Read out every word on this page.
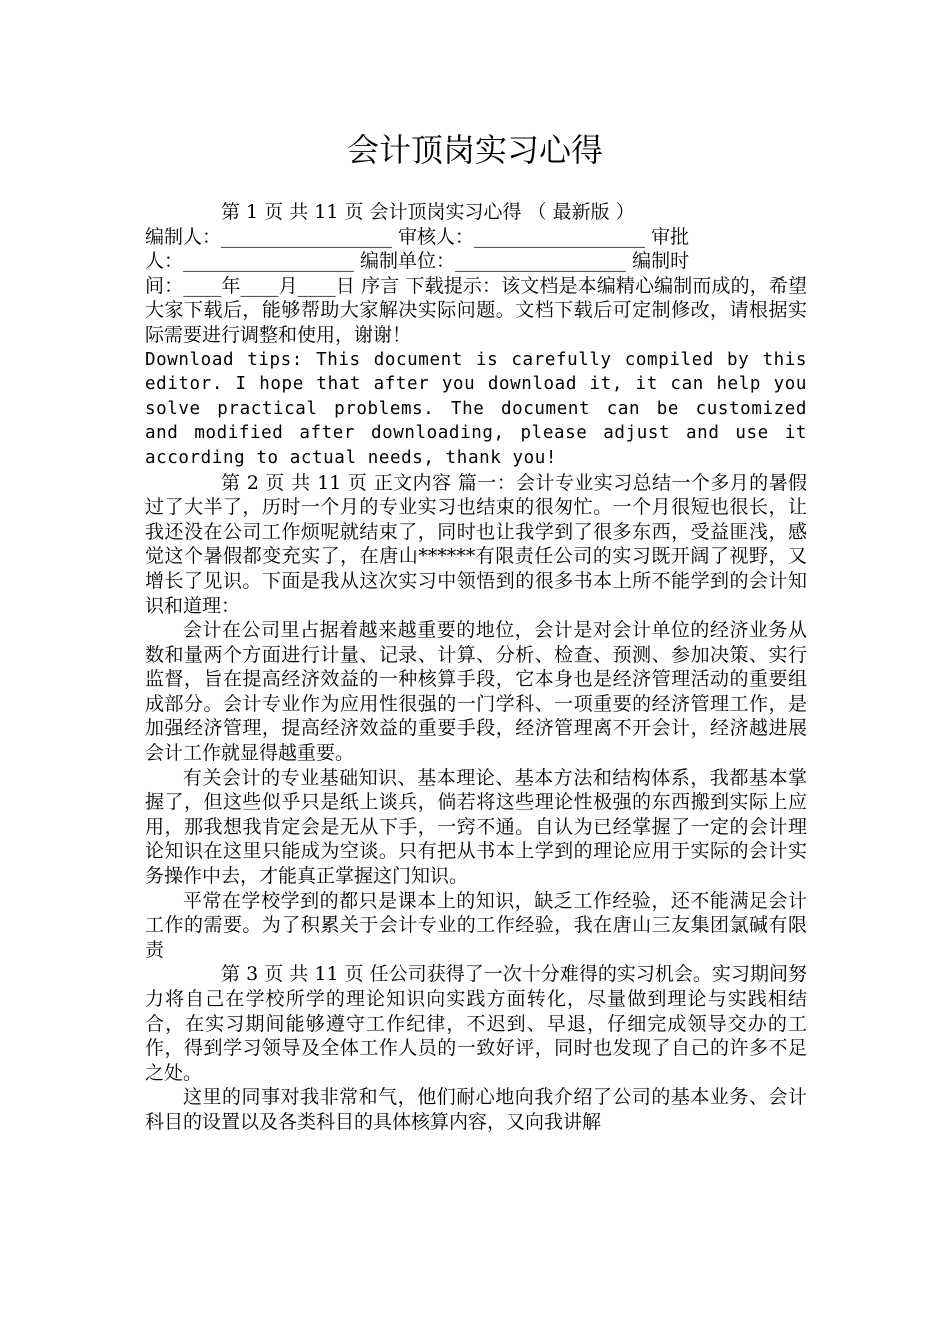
会计顶岗实习心得

第 1 页 共 11 页 会计顶岗实习心得 （ 最新版 ）

编制人：__________________ 审核人：__________________ 审批

人：__________________ 编制单位：__________________ 编制时

间：____年____月____日 序言 下载提示：该文档是本编精心编制而成的，希望大家下载后，能够帮助大家解决实际问题。文档下载后可定制修改，请根据实际需要进行调整和使用，谢谢！

Download tips: This document is carefully compiled by this editor. I hope that after you download it, it can help you solve practical problems. The document can be customized and modified after downloading, please adjust and use it according to actual needs, thank you!

第 2 页 共 11 页 正文内容 篇一：会计专业实习总结一个多月的暑假过了大半了，历时一个月的专业实习也结束的很匆忙。一个月很短也很长，让我还没在公司工作烦呢就结束了，同时也让我学到了很多东西，受益匪浅，感觉这个暑假都变充实了，在唐山******有限责任公司的实习既开阔了视野，又增长了见识。下面是我从这次实习中领悟到的很多书本上所不能学到的会计知识和道理：

会计在公司里占据着越来越重要的地位，会计是对会计单位的经济业务从数和量两个方面进行计量、记录、计算、分析、检查、预测、参加决策、实行监督，旨在提高经济效益的一种核算手段，它本身也是经济管理活动的重要组成部分。会计专业作为应用性很强的一门学科、一项重要的经济管理工作，是加强经济管理，提高经济效益的重要手段，经济管理离不开会计，经济越进展会计工作就显得越重要。

有关会计的专业基础知识、基本理论、基本方法和结构体系，我都基本掌握了，但这些似乎只是纸上谈兵，倘若将这些理论性极强的东西搬到实际上应用，那我想我肯定会是无从下手，一窍不通。自认为已经掌握了一定的会计理论知识在这里只能成为空谈。只有把从书本上学到的理论应用于实际的会计实务操作中去，才能真正掌握这门知识。

平常在学校学到的都只是课本上的知识，缺乏工作经验，还不能满足会计工作的需要。为了积累关于会计专业的工作经验，我在唐山三友集团氯碱有限责

第 3 页 共 11 页 任公司获得了一次十分难得的实习机会。实习期间努力将自己在学校所学的理论知识向实践方面转化，尽量做到理论与实践相结合，在实习期间能够遵守工作纪律，不迟到、早退，仔细完成领导交办的工作，得到学习领导及全体工作人员的一致好评，同时也发现了自己的许多不足之处。

这里的同事对我非常和气，他们耐心地向我介绍了公司的基本业务、会计科目的设置以及各类科目的具体核算内容，又向我讲解
